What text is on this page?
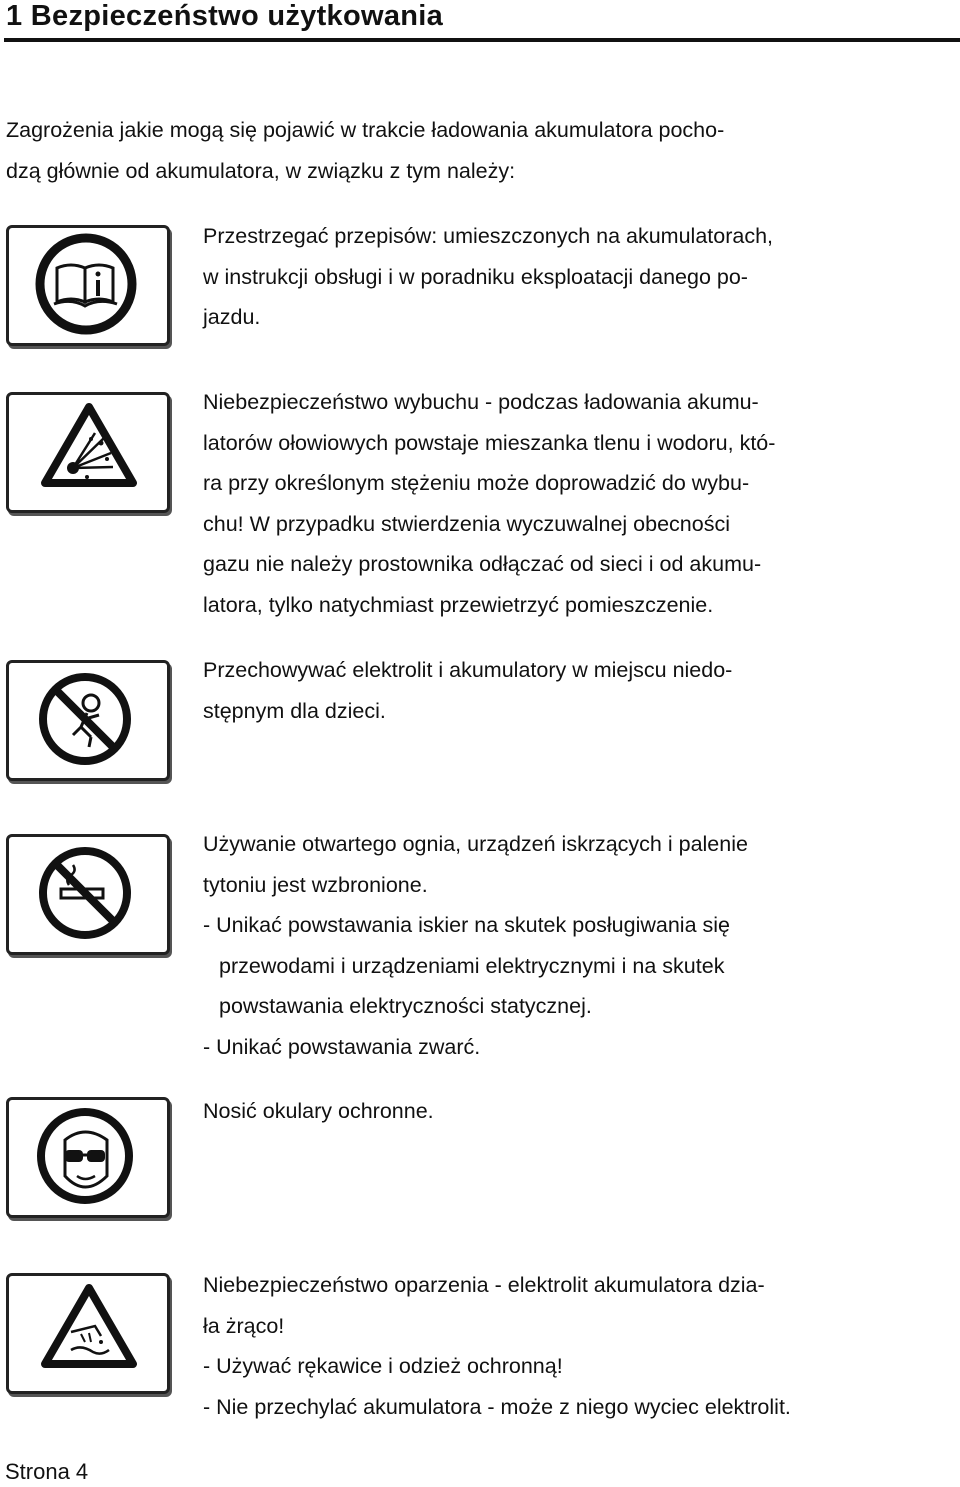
1 Bezpieczeństwo użytkowania
Zagrożenia jakie mogą się pojawić w trakcie ładowania akumulatora pocho-
dzą głównie od akumulatora, w związku z tym należy:
Przestrzegać przepisów: umieszczonych na akumulatorach,
w instrukcji obsługi i w poradniku eksploatacji danego po-
jazdu.
Niebezpieczeństwo wybuchu - podczas ładowania akumu-
latorów ołowiowych powstaje mieszanka tlenu i wodoru, któ-
ra przy określonym stężeniu może doprowadzić do wybu-
chu! W przypadku stwierdzenia wyczuwalnej obecności
gazu nie należy prostownika odłączać od sieci i od akumu-
latora, tylko natychmiast przewietrzyć pomieszczenie.
Przechowywać elektrolit i akumulatory w miejscu niedo-
stępnym dla dzieci.
Używanie otwartego ognia, urządzeń iskrzących i palenie
tytoniu jest wzbronione.
- Unikać powstawania iskier na skutek posługiwania się
przewodami i urządzeniami elektrycznymi i na skutek
powstawania elektryczności statycznej.
- Unikać powstawania zwarć.
Nosić okulary ochronne.
Niebezpieczeństwo oparzenia - elektrolit akumulatora dzia-
ła żrąco!
- Używać rękawice i odzież ochronną!
- Nie przechylać akumulatora - może z niego wyciec elektrolit.
Strona 4
